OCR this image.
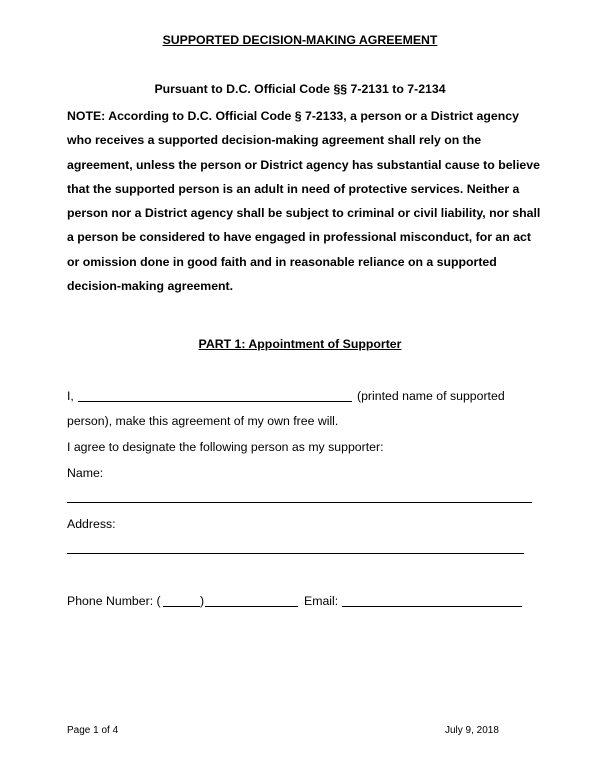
SUPPORTED DECISION-MAKING AGREEMENT
Pursuant to D.C. Official Code §§ 7-2131 to 7-2134
NOTE: According to D.C. Official Code § 7-2133, a person or a District agency
who receives a supported decision-making agreement shall rely on the
agreement, unless the person or District agency has substantial cause to believe
that the supported person is an adult in need of protective services. Neither a
person nor a District agency shall be subject to criminal or civil liability, nor shall
a person be considered to have engaged in professional misconduct, for an act
or omission done in good faith and in reasonable reliance on a supported
decision-making agreement.
PART 1: Appointment of Supporter
I,	(printed name of supported
person), make this agreement of my own free will.
I agree to designate the following person as my supporter:
Name:
Address:
Phone Number: (	)	Email:
Page 1 of 4	July 9, 2018
